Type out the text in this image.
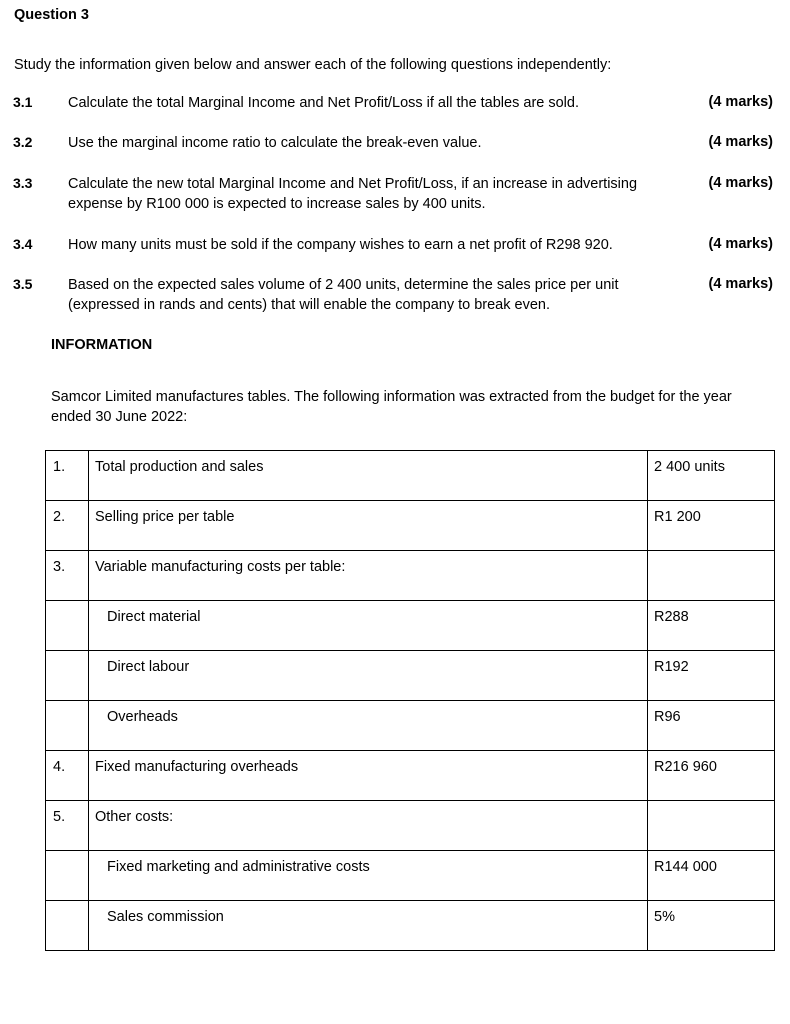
Question 3
Study the information given below and answer each of the following questions independently:
3.1 Calculate the total Marginal Income and Net Profit/Loss if all the tables are sold.	(4 marks)
3.2 Use the marginal income ratio to calculate the break-even value.	(4 marks)
3.3 Calculate the new total Marginal Income and Net Profit/Loss, if an increase in advertising expense by R100 000 is expected to increase sales by 400 units.
(4 marks)
3.4 How many units must be sold if the company wishes to earn a net profit of R298 920.	(4 marks)
3.5 Based on the expected sales volume of 2 400 units, determine the sales price per unit (expressed in rands and cents) that will enable the company to break even.
(4 marks)
INFORMATION
Samcor Limited manufactures tables. The following information was extracted from the budget for the year ended 30 June 2022:
1.	Total production and sales	2 400 units
2.	Selling price per table	R1 200
3.	Variable manufacturing costs per table:	
	Direct material	R288
	Direct labour	R192
	Overheads	R96
4.	Fixed manufacturing overheads	R216 960
5.	Other costs:	
	Fixed marketing and administrative costs	R144 000
	Sales commission	5%
